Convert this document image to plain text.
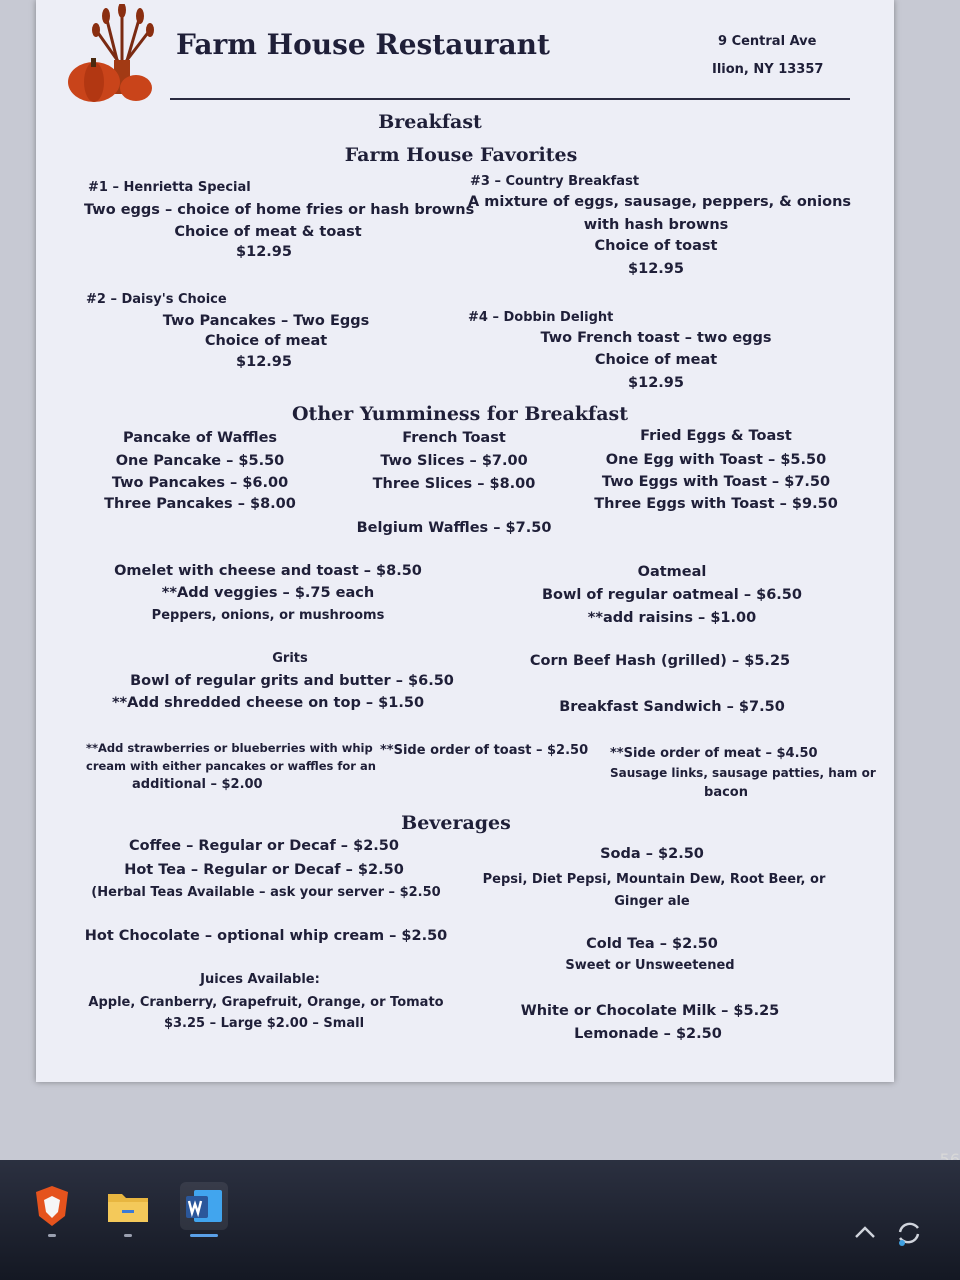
Farm House Restaurant	9 Central Ave
Ilion, NY 13357
Breakfast
Farm House Favorites
#1 – Henrietta Special
Two eggs – choice of home fries or hash browns
Choice of meat & toast
$12.95
#3 – Country Breakfast
A mixture of eggs, sausage, peppers, & onions
with hash browns
Choice of toast
$12.95
#2 – Daisy's Choice
Two Pancakes – Two Eggs
Choice of meat
$12.95
#4 – Dobbin Delight
Two French toast – two eggs
Choice of meat
$12.95
Other Yumminess for Breakfast
Pancake of Waffles
One Pancake – $5.50
Two Pancakes – $6.00
Three Pancakes – $8.00
French Toast
Two Slices – $7.00
Three Slices – $8.00
Fried Eggs & Toast
One Egg with Toast – $5.50
Two Eggs with Toast – $7.50
Three Eggs with Toast – $9.50
Belgium Waffles – $7.50
Omelet with cheese and toast – $8.50
**Add veggies – $.75 each
Peppers, onions, or mushrooms
Oatmeal
Bowl of regular oatmeal – $6.50
**add raisins – $1.00
Grits
Bowl of regular grits and butter – $6.50
**Add shredded cheese on top – $1.50
Corn Beef Hash (grilled) – $5.25
Breakfast Sandwich – $7.50
**Add strawberries or blueberries with whip
cream with either pancakes or waffles for an
additional – $2.00
**Side order of toast – $2.50 **Side order of meat – $4.50
Sausage links, sausage patties, ham or
bacon
Beverages
Coffee – Regular or Decaf – $2.50
Hot Tea – Regular or Decaf – $2.50
(Herbal Teas Available – ask your server – $2.50
Hot Chocolate – optional whip cream – $2.50
Juices Available:
Apple, Cranberry, Grapefruit, Orange, or Tomato
$3.25 – Large $2.00 – Small
Soda – $2.50
Pepsi, Diet Pepsi, Mountain Dew, Root Beer, or
Ginger ale
Cold Tea – $2.50
Sweet or Unsweetened
White or Chocolate Milk – $5.25
Lemonade – $2.50
